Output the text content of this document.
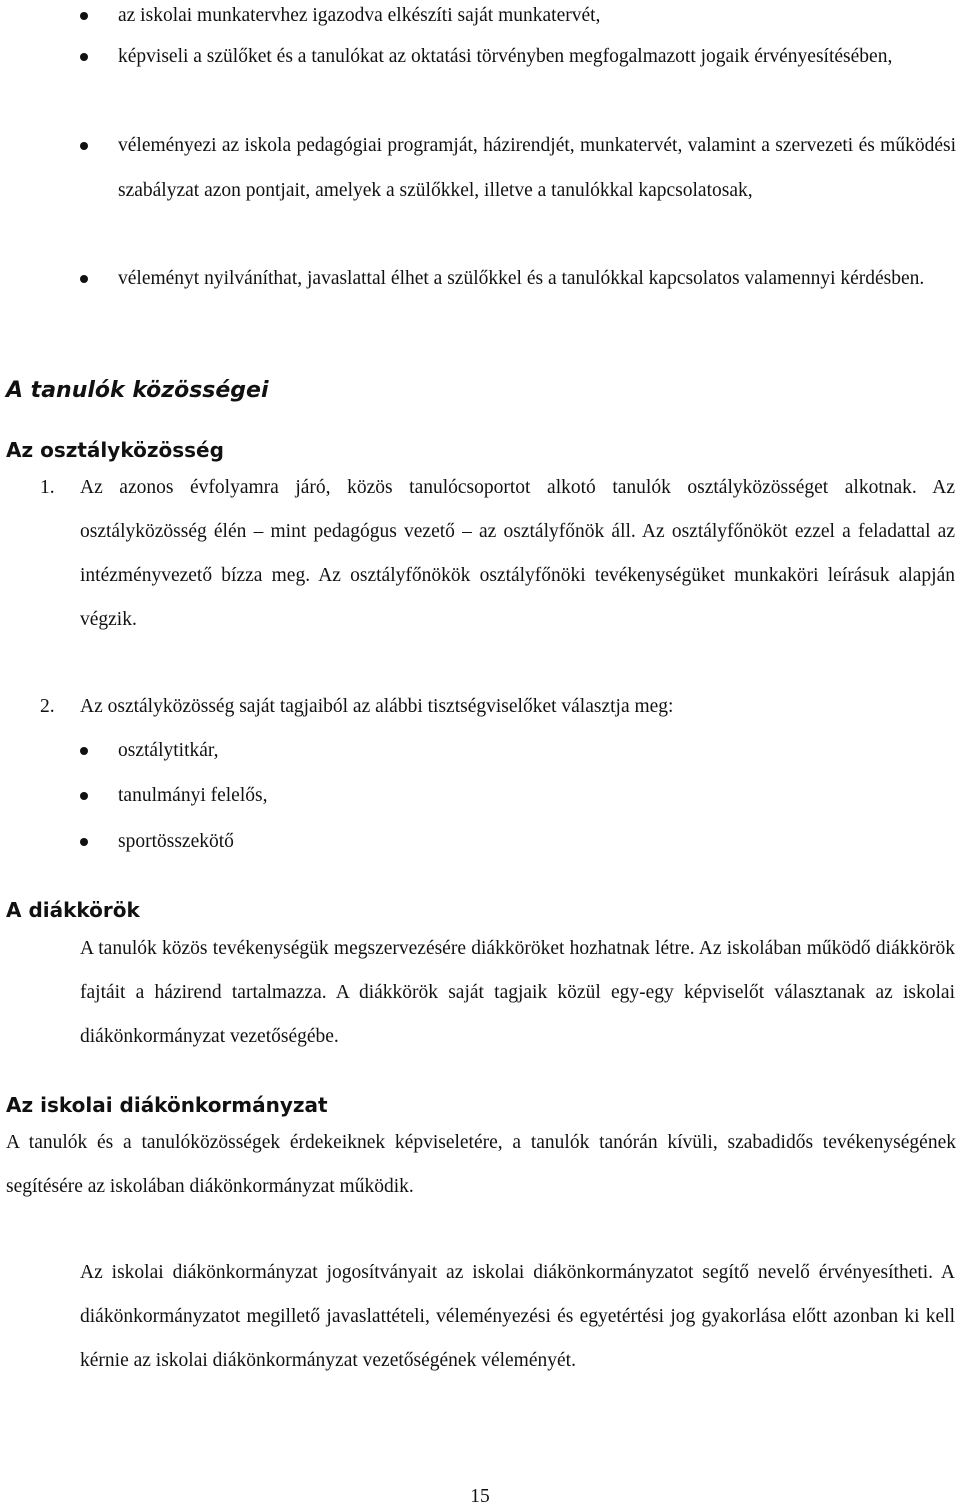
az iskolai munkatervhez igazodva elkészíti saját munkatervét,
képviseli a szülőket és a tanulókat az oktatási törvényben megfogalmazott jogaik érvényesítésében,
véleményezi az iskola pedagógiai programját, házirendjét, munkatervét, valamint a szervezeti és működési szabályzat azon pontjait, amelyek a szülőkkel, illetve a tanulókkal kapcsolatosak,
véleményt nyilváníthat, javaslattal élhet a szülőkkel és a tanulókkal kapcsolatos valamennyi kérdésben.
A tanulók közösségei
Az osztályközösség
1. Az azonos évfolyamra járó, közös tanulócsoportot alkotó tanulók osztályközösséget alkotnak. Az osztályközösség élén – mint pedagógus vezető – az osztályfőnök áll. Az osztályfőnököt ezzel a feladattal az intézményvezető bízza meg. Az osztályfőnökök osztályfőnöki tevékenységüket munkaköri leírásuk alapján végzik.
2. Az osztályközösség saját tagjaiból az alábbi tisztségviselőket választja meg:
osztálytitkár,
tanulmányi felelős,
sportösszekötő
A diákkörök
A tanulók közös tevékenységük megszervezésére diákköröket hozhatnak létre. Az iskolában működő diákkörök fajtáit a házirend tartalmazza. A diákkörök saját tagjaik közül egy-egy képviselőt választanak az iskolai diákönkormányzat vezetőségébe.
Az iskolai diákönkormányzat
A tanulók és a tanulóközösségek érdekeiknek képviseletére, a tanulók tanórán kívüli, szabadidős tevékenységének segítésére az iskolában diákönkormányzat működik.
Az iskolai diákönkormányzat jogosítványait az iskolai diákönkormányzatot segítő nevelő érvényesítheti. A diákönkormányzatot megillető javaslattételi, véleményezési és egyetértési jog gyakorlása előtt azonban ki kell kérnie az iskolai diákönkormányzat vezetőségének véleményét.
15
